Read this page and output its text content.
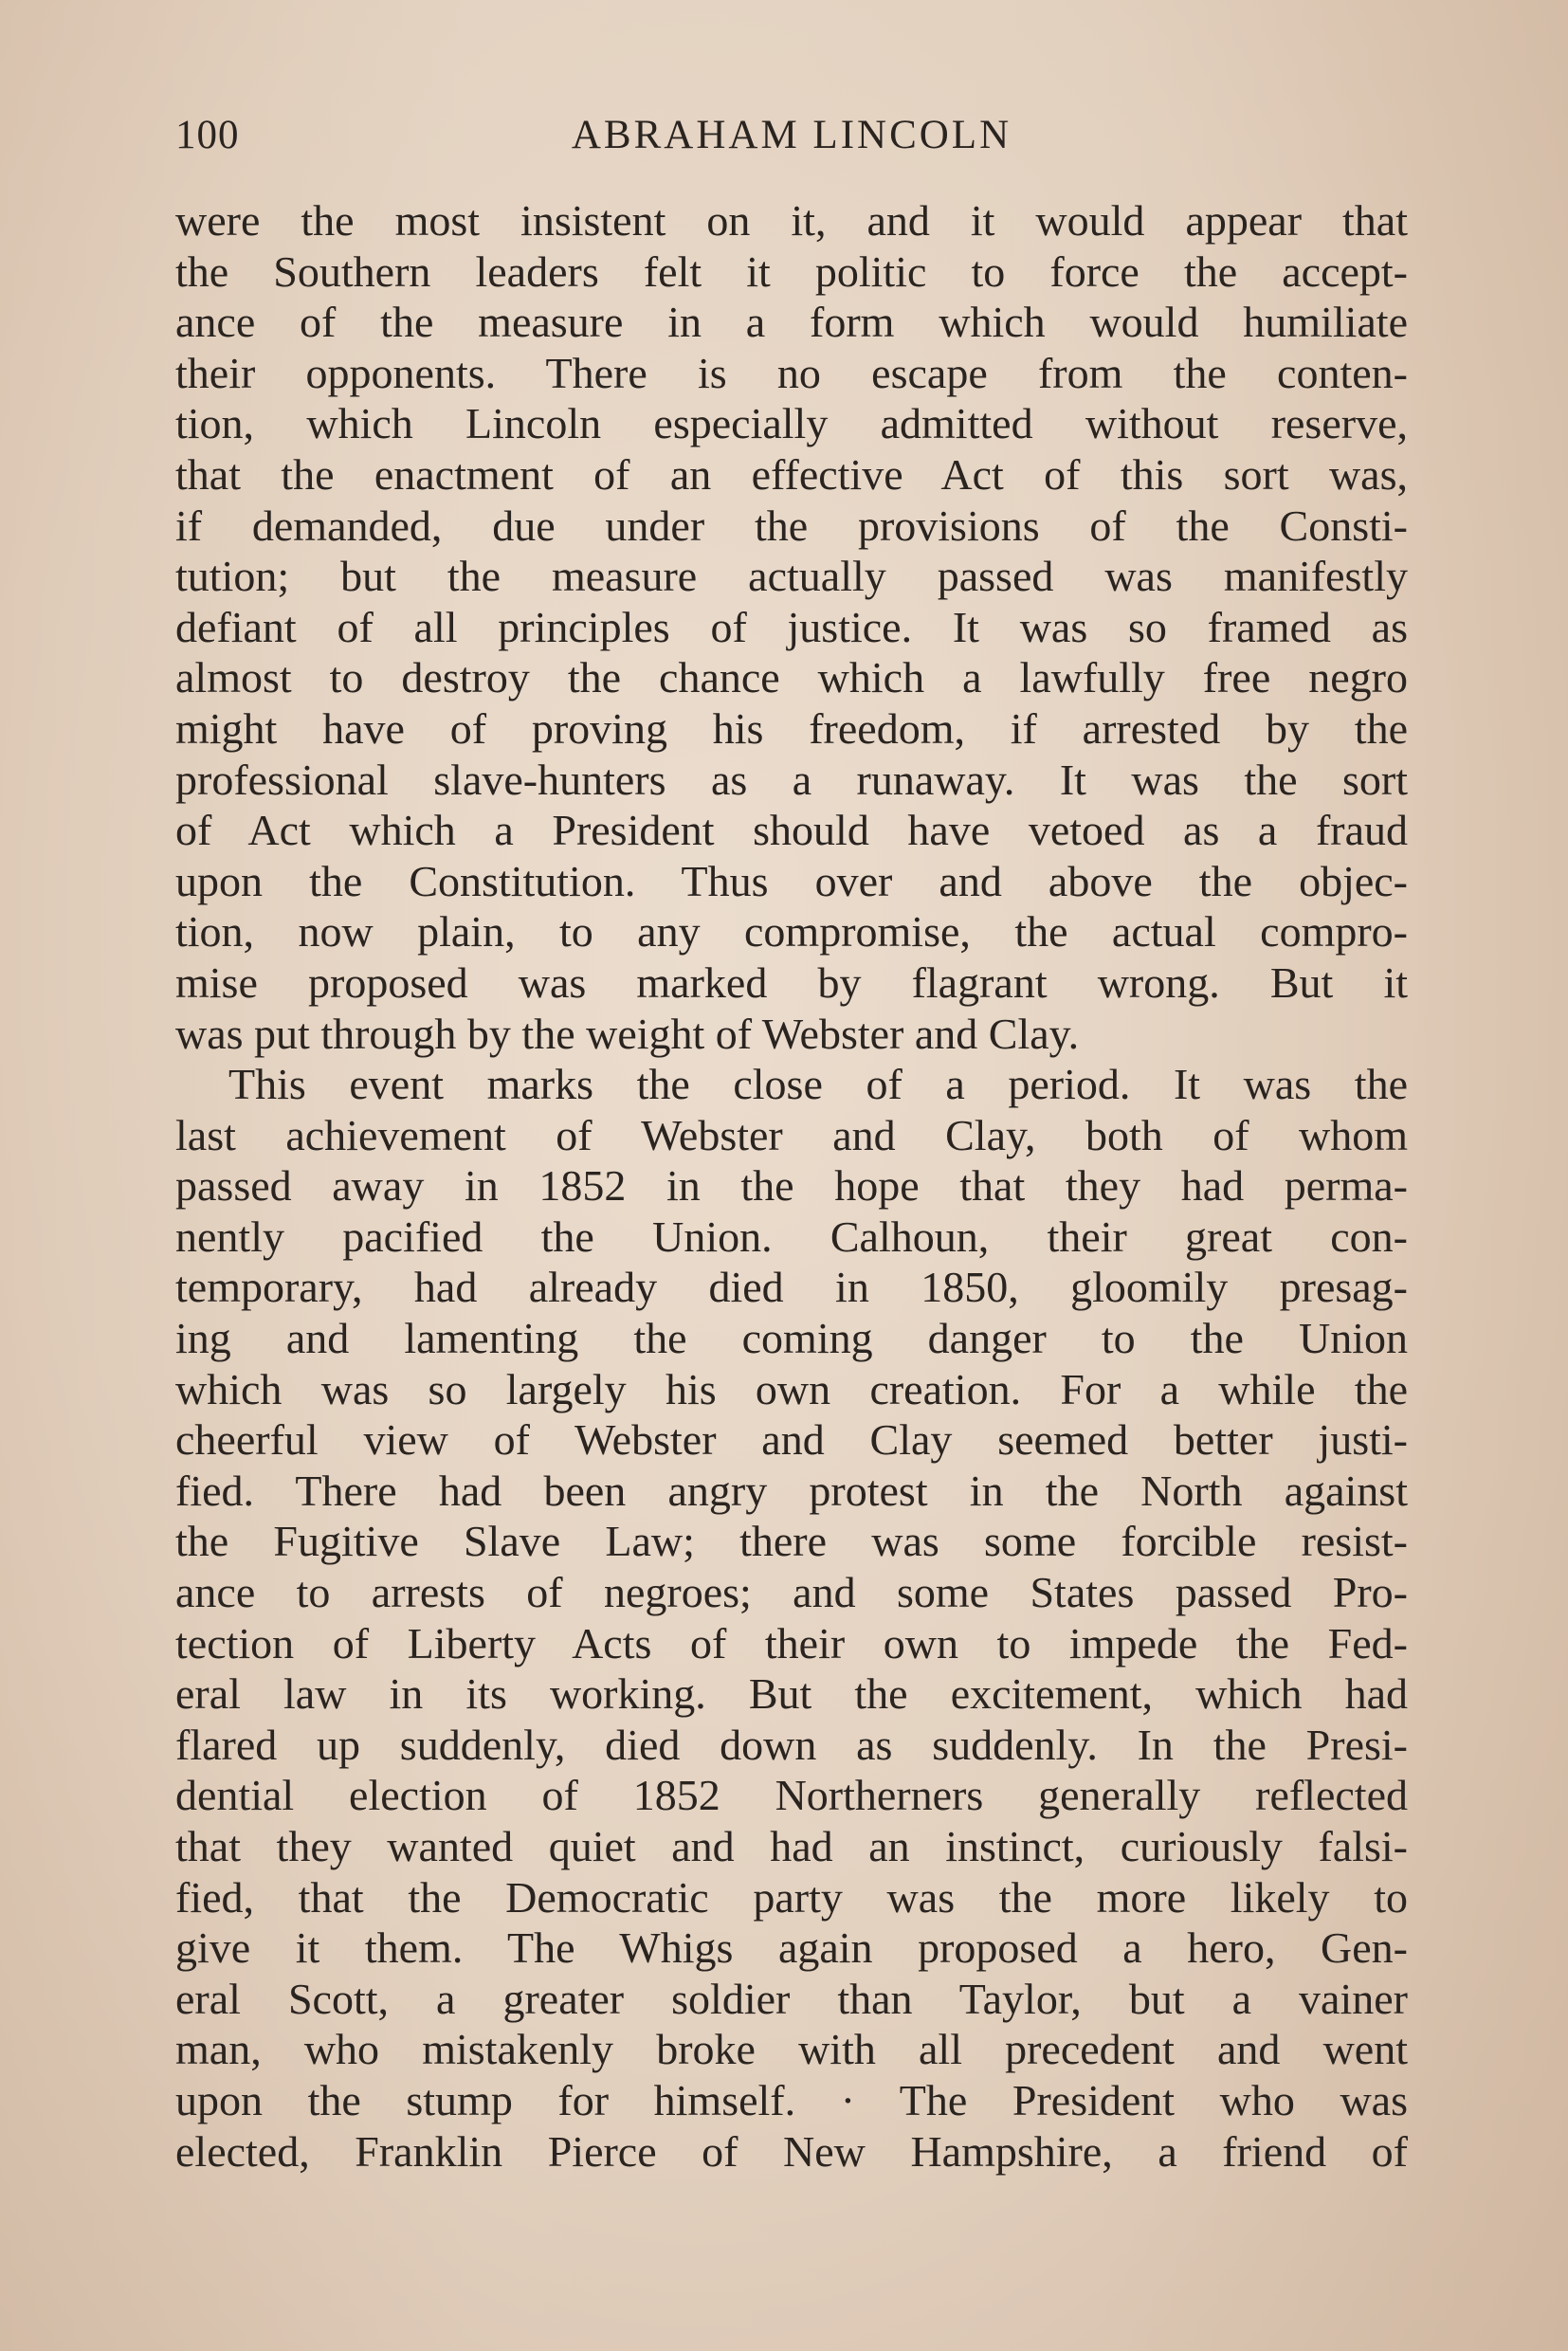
100	ABRAHAM LINCOLN

were the most insistent on it, and it would appear that
the Southern leaders felt it politic to force the accept-
ance of the measure in a form which would humiliate
their opponents. There is no escape from the conten-
tion, which Lincoln especially admitted without reserve,
that the enactment of an effective Act of this sort was,
if demanded, due under the provisions of the Consti-
tution; but the measure actually passed was manifestly
defiant of all principles of justice. It was so framed as
almost to destroy the chance which a lawfully free negro
might have of proving his freedom, if arrested by the
professional slave-hunters as a runaway. It was the sort
of Act which a President should have vetoed as a fraud
upon the Constitution. Thus over and above the objec-
tion, now plain, to any compromise, the actual compro-
mise proposed was marked by flagrant wrong. But it
was put through by the weight of Webster and Clay.

This event marks the close of a period. It was the
last achievement of Webster and Clay, both of whom
passed away in 1852 in the hope that they had perma-
nently pacified the Union. Calhoun, their great con-
temporary, had already died in 1850, gloomily presag-
ing and lamenting the coming danger to the Union
which was so largely his own creation. For a while the
cheerful view of Webster and Clay seemed better justi-
fied. There had been angry protest in the North against
the Fugitive Slave Law; there was some forcible resist-
ance to arrests of negroes; and some States passed Pro-
tection of Liberty Acts of their own to impede the Fed-
eral law in its working. But the excitement, which had
flared up suddenly, died down as suddenly. In the Presi-
dential election of 1852 Northerners generally reflected
that they wanted quiet and had an instinct, curiously falsi-
fied, that the Democratic party was the more likely to
give it them. The Whigs again proposed a hero, Gen-
eral Scott, a greater soldier than Taylor, but a vainer
man, who mistakenly broke with all precedent and went
upon the stump for himself. · The President who was
elected, Franklin Pierce of New Hampshire, a friend of
